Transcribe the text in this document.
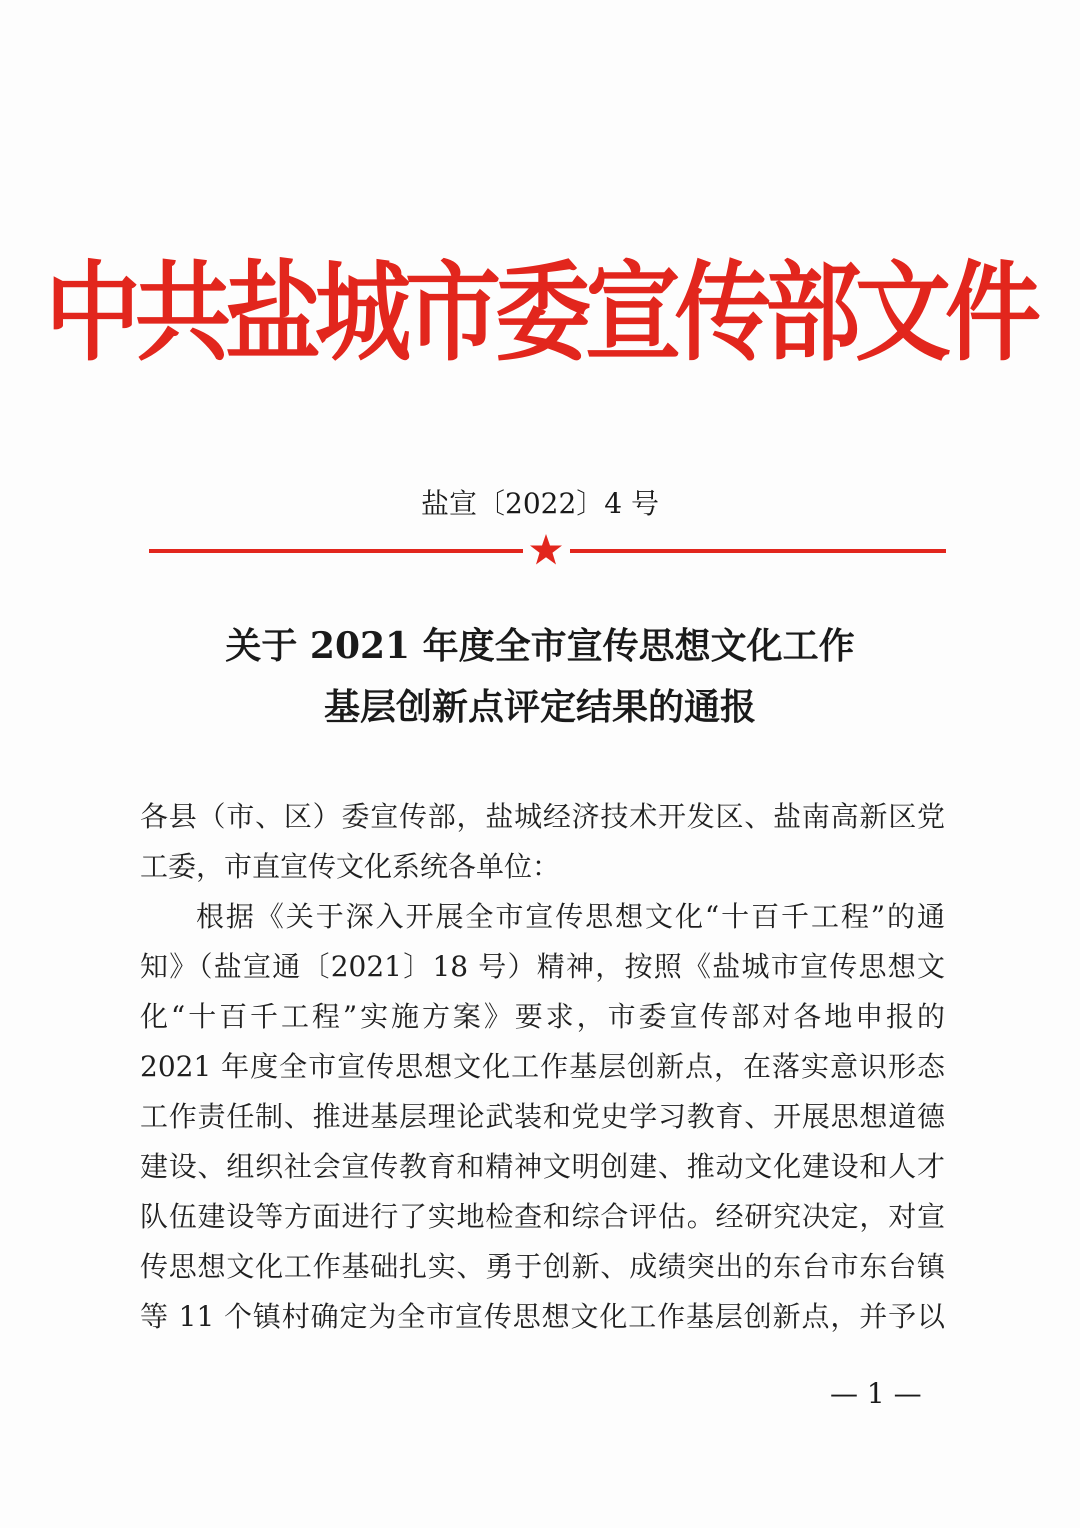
中共盐城市委宣传部文件
盐宣〔2022〕4 号
关于 2021 年度全市宣传思想文化工作
基层创新点评定结果的通报
各县（市、区）委宣传部，盐城经济技术开发区、盐南高新区党
工委，市直宣传文化系统各单位：
根据《关于深入开展全市宣传思想文化“十百千工程”的通
知》（盐宣通〔2021〕18 号）精神，按照《盐城市宣传思想文
化“十百千工程”实施方案》要求，市委宣传部对各地申报的
2021 年度全市宣传思想文化工作基层创新点，在落实意识形态
工作责任制、推进基层理论武装和党史学习教育、开展思想道德
建设、组织社会宣传教育和精神文明创建、推动文化建设和人才
队伍建设等方面进行了实地检查和综合评估。经研究决定，对宣
传思想文化工作基础扎实、勇于创新、成绩突出的东台市东台镇
等 11 个镇村确定为全市宣传思想文化工作基层创新点，并予以
— 1 —
